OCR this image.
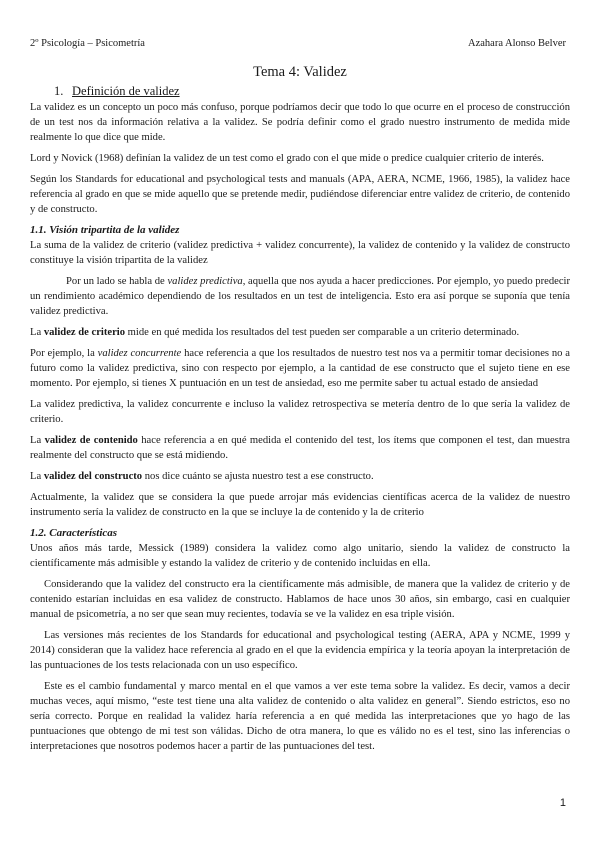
2º Psicología – Psicometría	Azahara Alonso Belver
Tema 4: Validez
1. Definición de validez

La validez es un concepto un poco más confuso, porque podríamos decir que todo lo que ocurre en el proceso de construcción de un test nos da información relativa a la validez. Se podría definir como el grado nuestro instrumento de medida mide realmente lo que dice que mide.

Lord y Novick (1968) definían la validez de un test como el grado con el que mide o predice cualquier criterio de interés.

Según los Standards for educational and psychological tests and manuals (APA, AERA, NCME, 1966, 1985), la validez hace referencia al grado en que se mide aquello que se pretende medir, pudiéndose diferenciar entre validez de criterio, de contenido y de constructo.

1.1. Visión tripartita de la validez

La suma de la validez de criterio (validez predictiva + validez concurrente), la validez de contenido y la validez de constructo constituye la visión tripartita de la validez

Por un lado se habla de validez predictiva, aquella que nos ayuda a hacer predicciones. Por ejemplo, yo puedo predecir un rendimiento académico dependiendo de los resultados en un test de inteligencia. Esto era así porque se suponía que tenía validez predictiva.

La validez de criterio mide en qué medida los resultados del test pueden ser comparable a un criterio determinado.

Por ejemplo, la validez concurrente hace referencia a que los resultados de nuestro test nos va a permitir tomar decisiones no a futuro como la validez predictiva, sino con respecto por ejemplo, a la cantidad de ese constructo que el sujeto tiene en ese momento. Por ejemplo, si tienes X puntuación en un test de ansiedad, eso me permite saber tu actual estado de ansiedad

La validez predictiva, la validez concurrente e incluso la validez retrospectiva se metería dentro de lo que sería la validez de criterio.

La validez de contenido hace referencia a en qué medida el contenido del test, los ítems que componen el test, dan muestra realmente del constructo que se está midiendo.

La validez del constructo nos dice cuánto se ajusta nuestro test a ese constructo.

Actualmente, la validez que se considera la que puede arrojar más evidencias científicas acerca de la validez de nuestro instrumento sería la validez de constructo en la que se incluye la de contenido y la de criterio

1.2. Características

Unos años más tarde, Messick (1989) considera la validez como algo unitario, siendo la validez de constructo la científicamente más admisible y estando la validez de criterio y de contenido incluidas en ella.

Considerando que la validez del constructo era la científicamente más admisible, de manera que la validez de criterio y de contenido estarían incluidas en esa validez de constructo. Hablamos de hace unos 30 años, sin embargo, casi en cualquier manual de psicometría, a no ser que sean muy recientes, todavía se ve la validez en esa triple visión.

Las versiones más recientes de los Standards for educational and psychological testing (AERA, APA y NCME, 1999 y 2014) consideran que la validez hace referencia al grado en el que la evidencia empírica y la teoría apoyan la interpretación de las puntuaciones de los tests relacionada con un uso específico.

Este es el cambio fundamental y marco mental en el que vamos a ver este tema sobre la validez. Es decir, vamos a decir muchas veces, aquí mismo, “este test tiene una alta validez de contenido o alta validez en general”. Siendo estrictos, eso no sería correcto. Porque en realidad la validez haría referencia a en qué medida las interpretaciones que yo hago de las puntuaciones que obtengo de mi test son válidas. Dicho de otra manera, lo que es válido no es el test, sino las inferencias o interpretaciones que nosotros podemos hacer a partir de las puntuaciones del test.

1
